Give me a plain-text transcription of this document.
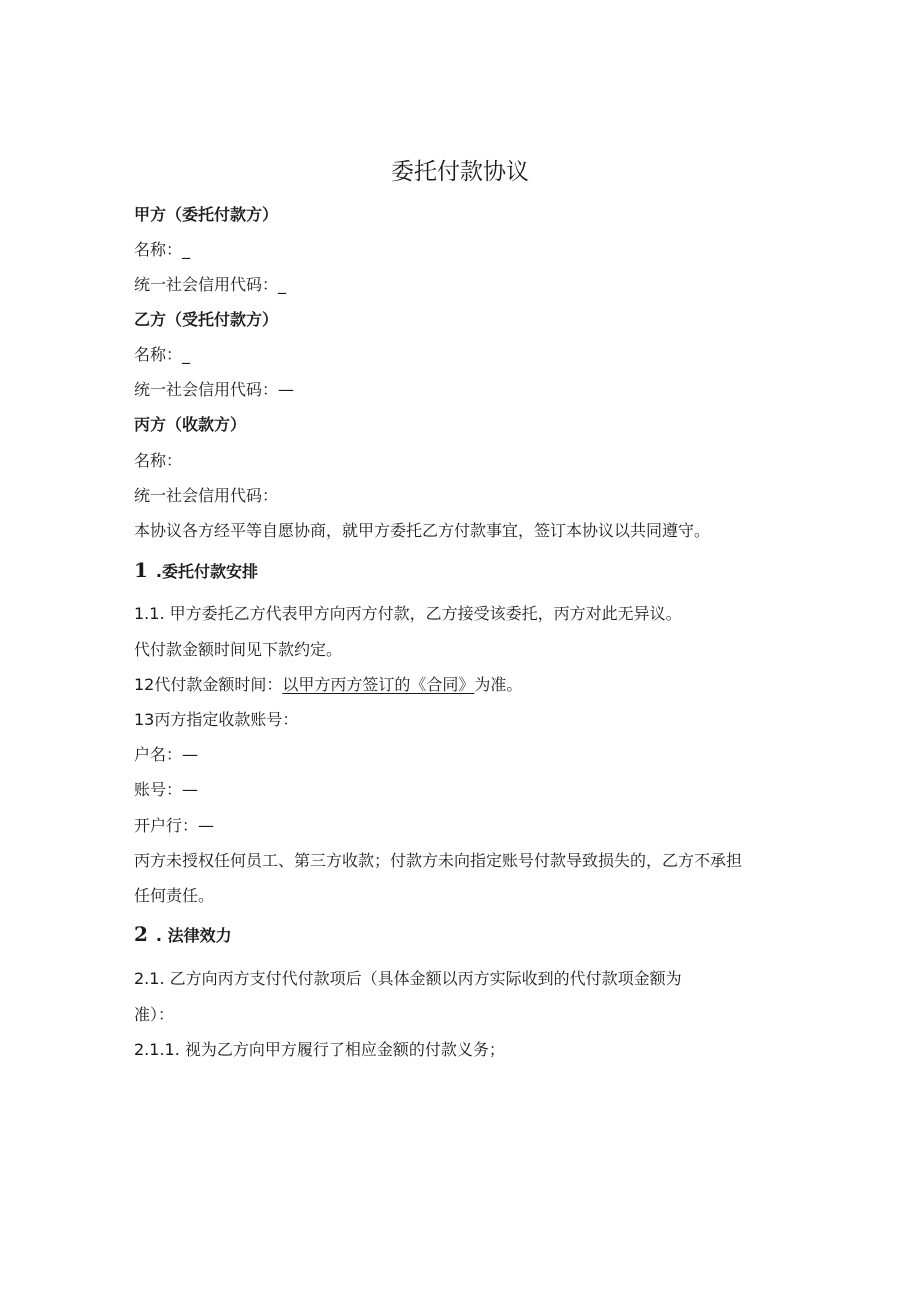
委托付款协议
甲方（委托付款方）
名称：_
统一社会信用代码：_
乙方（受托付款方）
名称：_
统一社会信用代码：—
丙方（收款方）
名称：
统一社会信用代码：
本协议各方经平等自愿协商，就甲方委托乙方付款事宜，签订本协议以共同遵守。
1 .委托付款安排
1.1. 甲方委托乙方代表甲方向丙方付款，乙方接受该委托，丙方对此无异议。
代付款金额时间见下款约定。
12代付款金额时间：以甲方丙方签订的《合同》为准。
13丙方指定收款账号：
户名：—
账号：—
开户行：—
丙方未授权任何员工、第三方收款；付款方未向指定账号付款导致损失的，乙方不承担
任何责任。
2 . 法律效力
2.1. 乙方向丙方支付代付款项后（具体金额以丙方实际收到的代付款项金额为
准）：
2.1.1. 视为乙方向甲方履行了相应金额的付款义务；
